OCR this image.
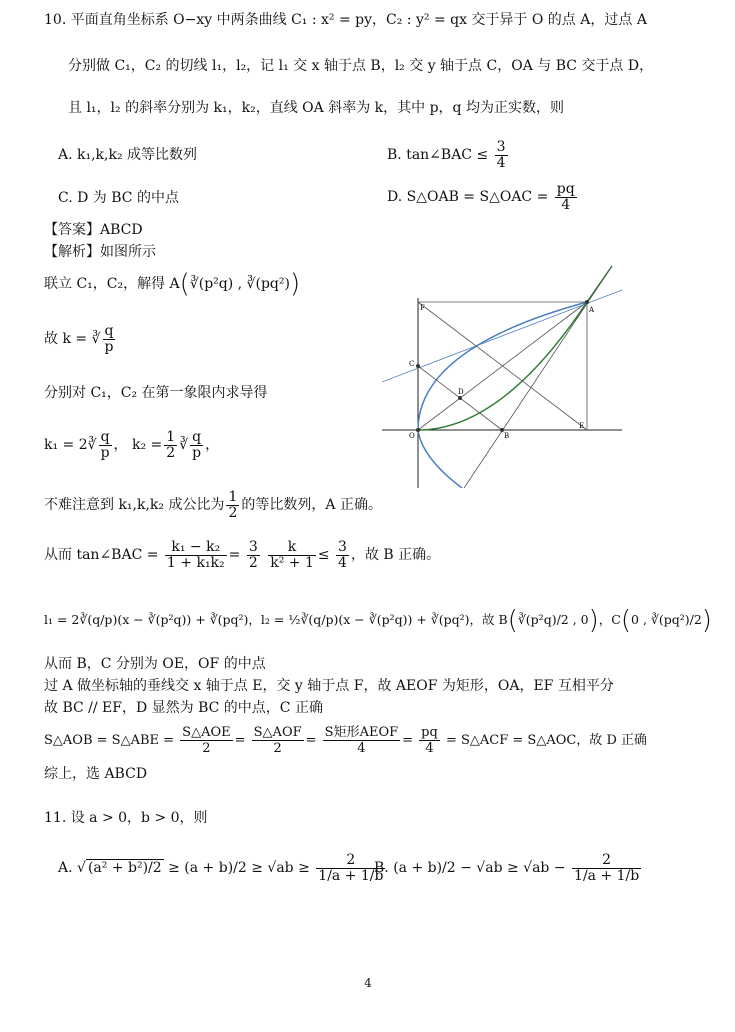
10. 平面直角坐标系 O−xy 中两条曲线 C₁ : x² = py，C₂ : y² = qx 交于异于 O 的点 A，过点 A
分别做 C₁，C₂ 的切线 l₁，l₂，记 l₁ 交 x 轴于点 B，l₂ 交 y 轴于点 C，OA 与 BC 交于点 D，
且 l₁，l₂ 的斜率分别为 k₁，k₂，直线 OA 斜率为 k，其中 p，q 均为正实数，则
A. k₁,k,k₂ 成等比数列	B. tan∠BAC ≤ $\frac{3}{4}$
C. D 为 BC 的中点	D. S△OAB = S△OAC = $\frac{pq}{4}$
【答案】ABCD
【解析】如图所示
联立 C₁，C₂，解得 A(∛(p²q) , ∛(pq²))
故 k = ∛ $\frac{q}{p}$
分别对 C₁，C₂ 在第一象限内求导得
k₁ = 2∛ $\frac{q}{p}$ ， $k_2 = \frac{1}{2}$ ∛ $\frac{q}{p}$ ，
不难注意到 k₁,k,k₂ 成公比为 $\frac{1}{2}$ 的等比数列，A 正确。
从而 tan∠BAC = $\frac{\text{k₁ − k₂}}{\text{1 + k₁k₂}} = \frac{3}{2}$
$\frac{k}{\text{k² + 1}} \le \frac{3}{4}$ ，故 B 正确。
l₁ = 2∛(q/p)(x − ∛(p²q)) + ∛(pq²)，l₂ = ½∛(q/p)(x − ∛(p²q)) + ∛(pq²)，故 B(∛(p²q)/2 , 0)，C(0 , ∛(pq²)/2)
从而 B，C 分别为 OE，OF 的中点
过 A 做坐标轴的垂线交 x 轴于点 E，交 y 轴于点 F，故 AEOF 为矩形，OA，EF 互相平分
故 BC // EF，D 显然为 BC 的中点，C 正确
S△AOB = S△ABE =
S△AOE
2
=
S△AOF
2
=
S矩形AEOF
4
= $\frac{pq}{4}$ = S△ACF = S△AOC，故 D 正确
综上，选 ABCD
11. 设 a > 0，b > 0，则
A. √ $(a^2 + b^2)/2 \ge (a + b)/2 \ge √ab \ge \frac{2}{1/a + 1/b}$
B. $(a + b)/2 - √ab \ge √ab - \frac{2}{1/a + 1/b}$
F	A
C
D
O	B
E
4
